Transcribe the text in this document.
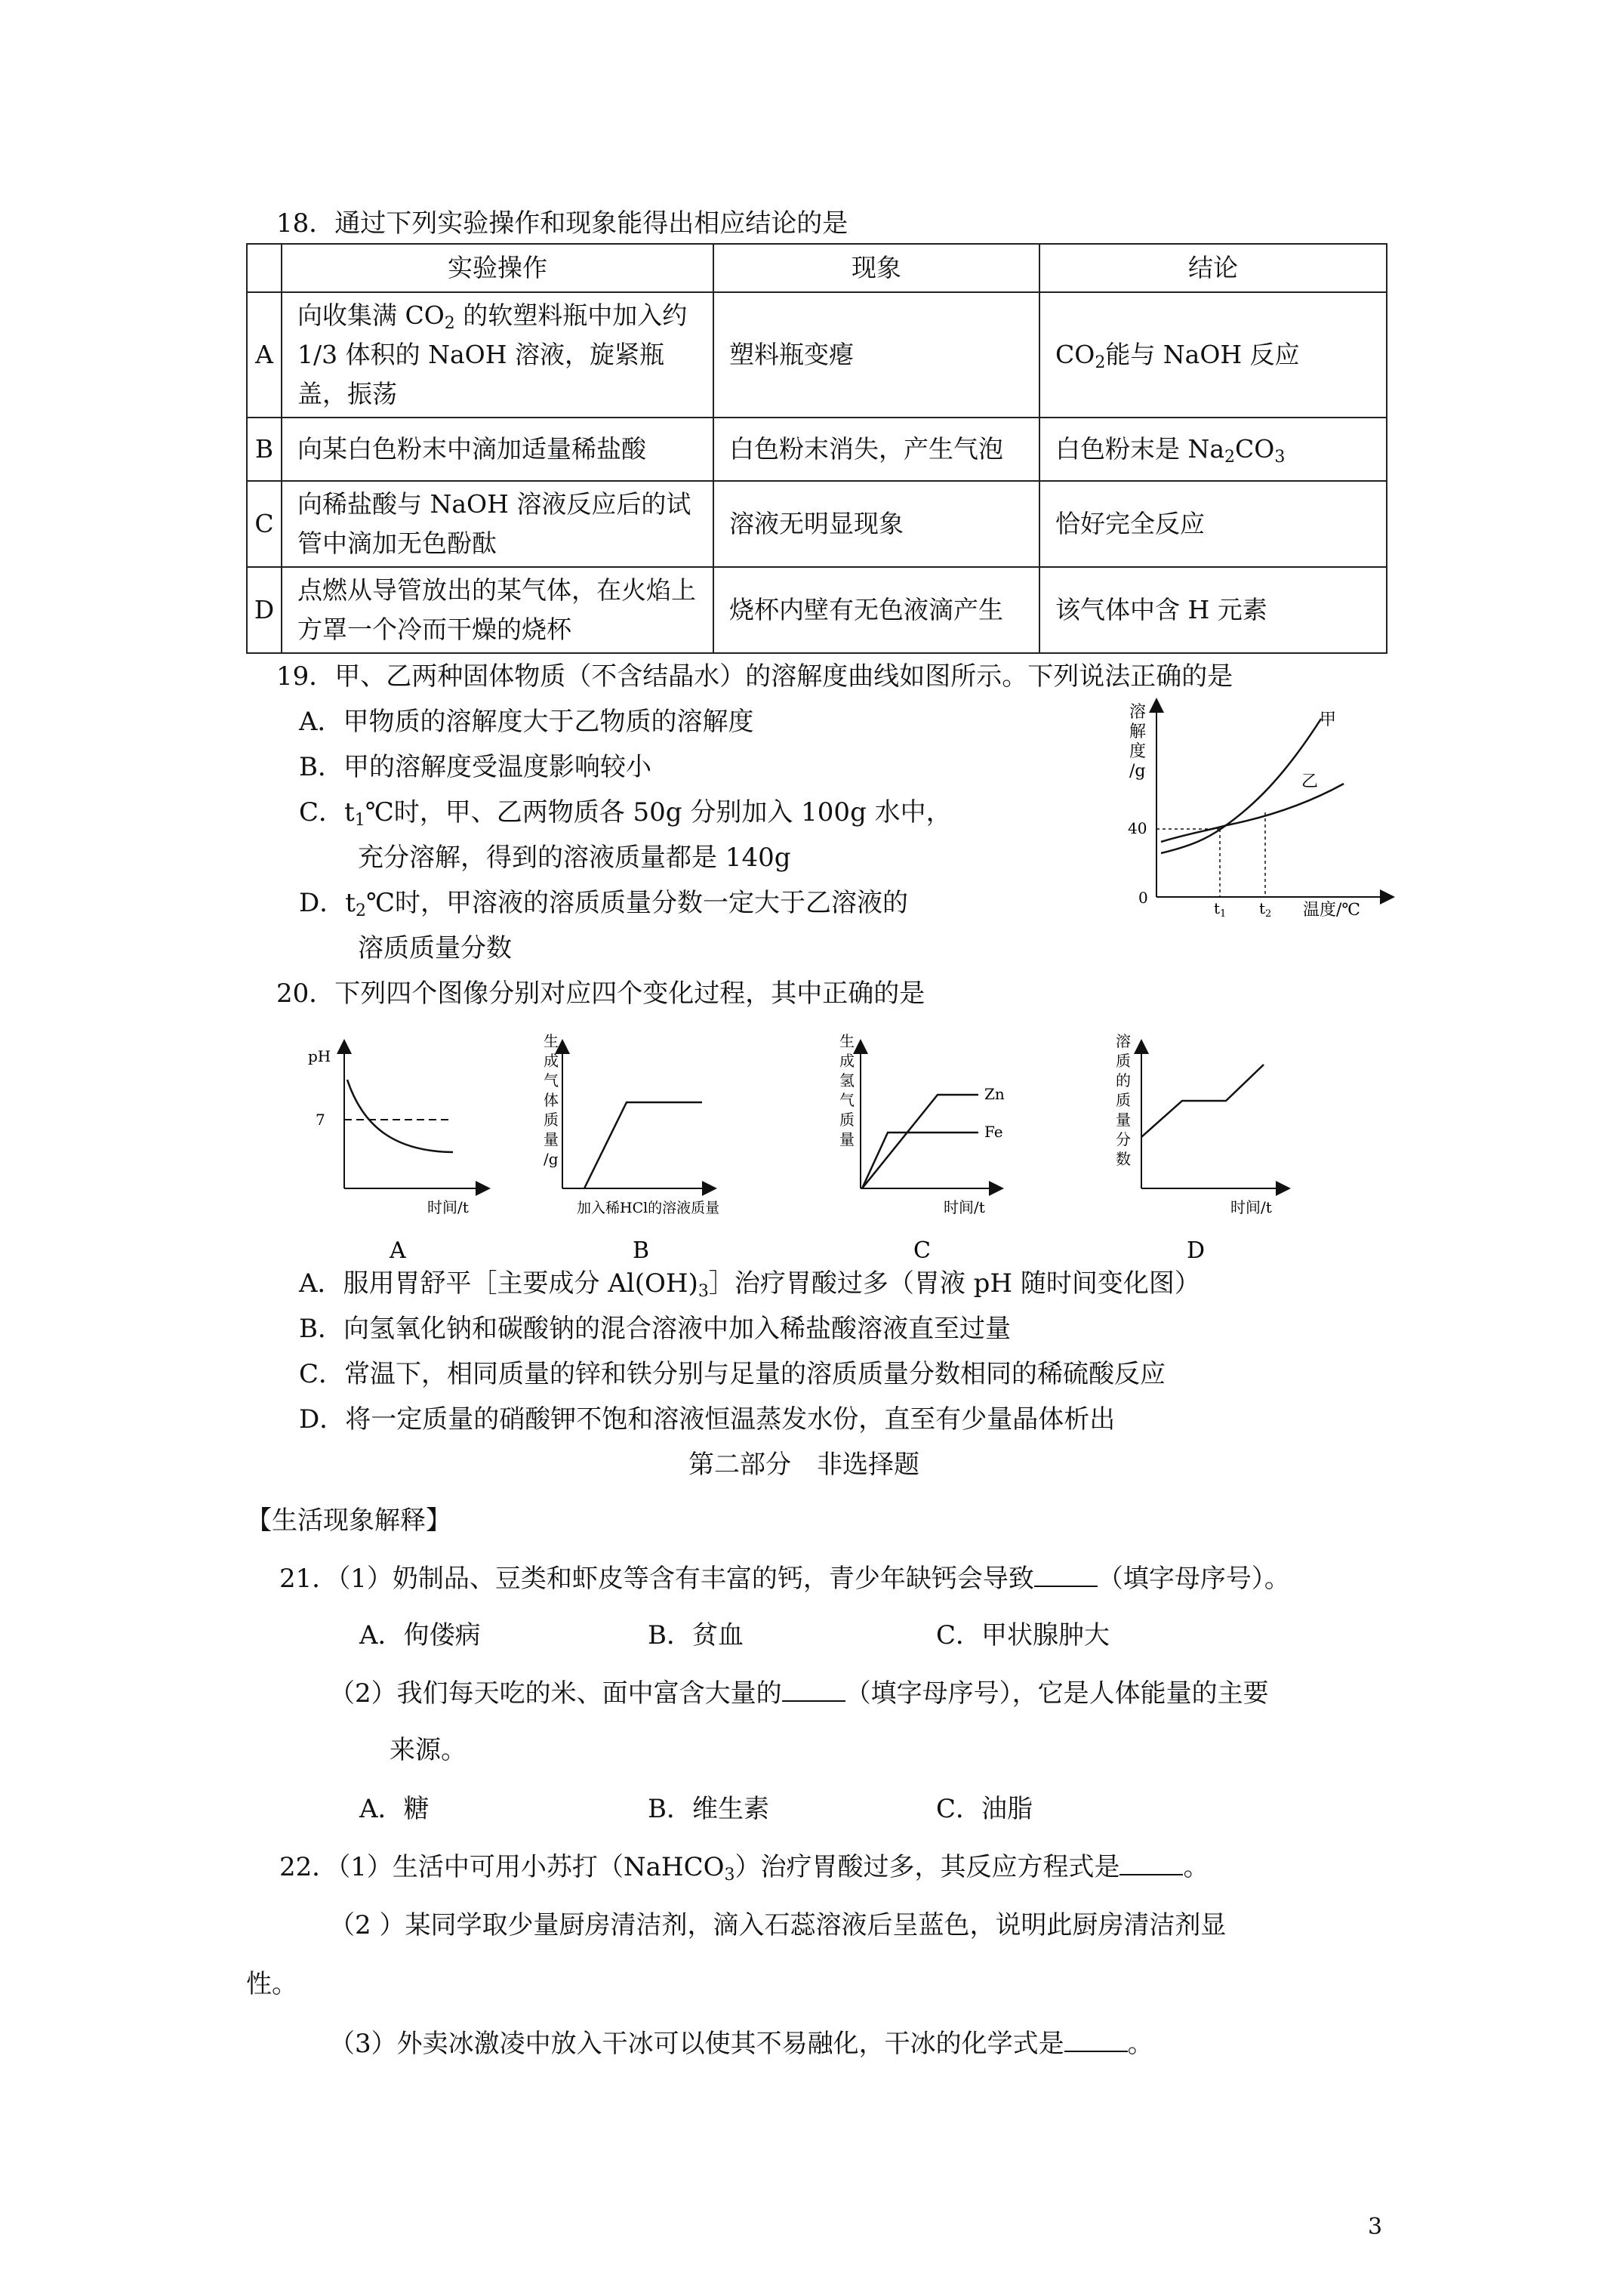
18．通过下列实验操作和现象能得出相应结论的是
	实验操作	现象	结论
A	向收集满 $CO_2$ 的软塑料瓶中加入约 1/3 体积的 NaOH 溶液，旋紧瓶盖，振荡	塑料瓶变瘪	$CO_2$能与 NaOH 反应
B	向某白色粉末中滴加适量稀盐酸	白色粉末消失，产生气泡	白色粉末是 $Na_2CO_3$
C	向稀盐酸与 NaOH 溶液反应后的试管中滴加无色酚酞	溶液无明显现象	恰好完全反应
D	点燃从导管放出的某气体，在火焰上方罩一个冷而干燥的烧杯	烧杯内壁有无色液滴产生	该气体中含 H 元素
19．甲、乙两种固体物质（不含结晶水）的溶解度曲线如图所示。下列说法正确的是
A．甲物质的溶解度大于乙物质的溶解度
B．甲的溶解度受温度影响较小
C．$t_1℃$时，甲、乙两物质各 50g 分别加入 100g 水中，
充分溶解，得到的溶液质量都是 140g
D．$t_2℃$时，甲溶液的溶质质量分数一定大于乙溶液的
溶质质量分数
溶
解
度
/g
0
40
$t_1$ $t_2$ 温度/℃
甲
乙
20．下列四个图像分别对应四个变化过程，其中正确的是
pH
7
时间/t
A
生
成
气
体
质
量
/g
加入稀HCl的溶液质量
B
生
成
氢
气
质
量
Zn
Fe
时间/t
C
溶
质
的
质
量
分
数
时间/t
D
A．服用胃舒平［主要成分 $Al(OH)_3]$治疗胃酸过多（胃液 pH 随时间变化图）
B．向氢氧化钠和碳酸钠的混合溶液中加入稀盐酸溶液直至过量
C．常温下，相同质量的锌和铁分别与足量的溶质质量分数相同的稀硫酸反应
D．将一定质量的硝酸钾不饱和溶液恒温蒸发水份，直至有少量晶体析出
第二部分　非选择题
【生活现象解释】
21．（1）奶制品、豆类和虾皮等含有丰富的钙，青少年缺钙会导致 （填字母序号）。
A．佝偻病	B．贫血	C．甲状腺肿大
（2）我们每天吃的米、面中富含大量的 （填字母序号），它是人体能量的主要
来源。
A．糖	B．维生素	C．油脂
22．（1）生活中可用小苏打（NaHCO$_3$）治疗胃酸过多，其反应方程式是 。
（2 ）某同学取少量厨房清洁剂，滴入石蕊溶液后呈蓝色，说明此厨房清洁剂显
性。
（3）外卖冰激凌中放入干冰可以使其不易融化，干冰的化学式是 。
3
